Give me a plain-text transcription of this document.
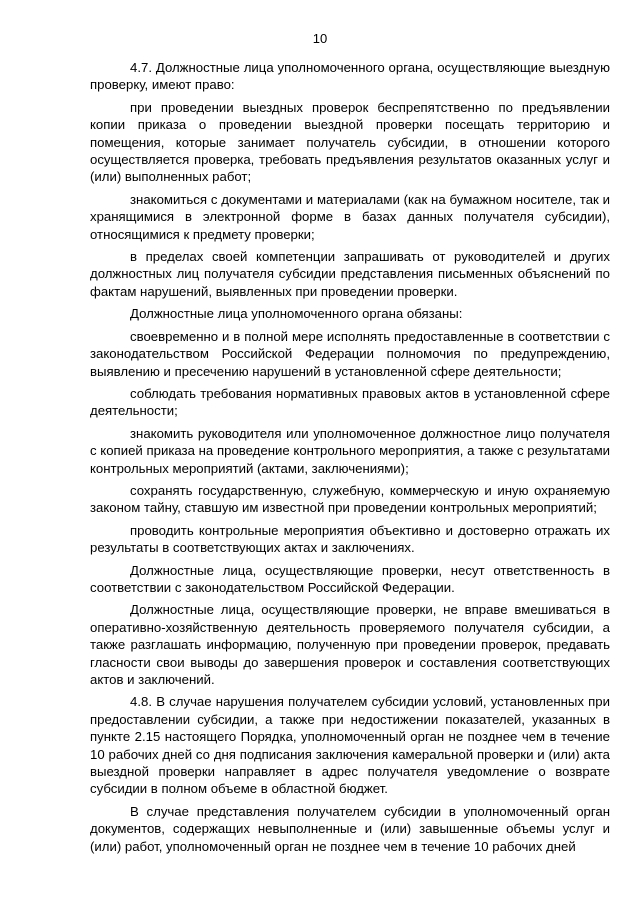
10

4.7. Должностные лица уполномоченного органа, осуществляющие выездную проверку, имеют право:

при проведении выездных проверок беспрепятственно по предъявлении копии приказа о проведении выездной проверки посещать территорию и помещения, которые занимает получатель субсидии, в отношении которого осуществляется проверка, требовать предъявления результатов оказанных услуг и (или) выполненных работ;

знакомиться с документами и материалами (как на бумажном носителе, так и хранящимися в электронной форме в базах данных получателя субсидии), относящимися к предмету проверки;

в пределах своей компетенции запрашивать от руководителей и других должностных лиц получателя субсидии представления письменных объяснений по фактам нарушений, выявленных при проведении проверки.

Должностные лица уполномоченного органа обязаны:

своевременно и в полной мере исполнять предоставленные в соответствии с законодательством Российской Федерации полномочия по предупреждению, выявлению и пресечению нарушений в установленной сфере деятельности;

соблюдать требования нормативных правовых актов в установленной сфере деятельности;

знакомить руководителя или уполномоченное должностное лицо получателя с копией приказа на проведение контрольного мероприятия, а также с результатами контрольных мероприятий (актами, заключениями);

сохранять государственную, служебную, коммерческую и иную охраняемую законом тайну, ставшую им известной при проведении контрольных мероприятий;

проводить контрольные мероприятия объективно и достоверно отражать их результаты в соответствующих актах и заключениях.

Должностные лица, осуществляющие проверки, несут ответственность в соответствии с законодательством Российской Федерации.

Должностные лица, осуществляющие проверки, не вправе вмешиваться в оперативно-хозяйственную деятельность проверяемого получателя субсидии, а также разглашать информацию, полученную при проведении проверок, предавать гласности свои выводы до завершения проверок и составления соответствующих актов и заключений.

4.8. В случае нарушения получателем субсидии условий, установленных при предоставлении субсидии, а также при недостижении показателей, указанных в пункте 2.15 настоящего Порядка, уполномоченный орган не позднее чем в течение 10 рабочих дней со дня подписания заключения камеральной проверки и (или) акта выездной проверки направляет в адрес получателя уведомление о возврате субсидии в полном объеме в областной бюджет.

В случае представления получателем субсидии в уполномоченный орган документов, содержащих невыполненные и (или) завышенные объемы услуг и (или) работ, уполномоченный орган не позднее чем в течение 10 рабочих дней
